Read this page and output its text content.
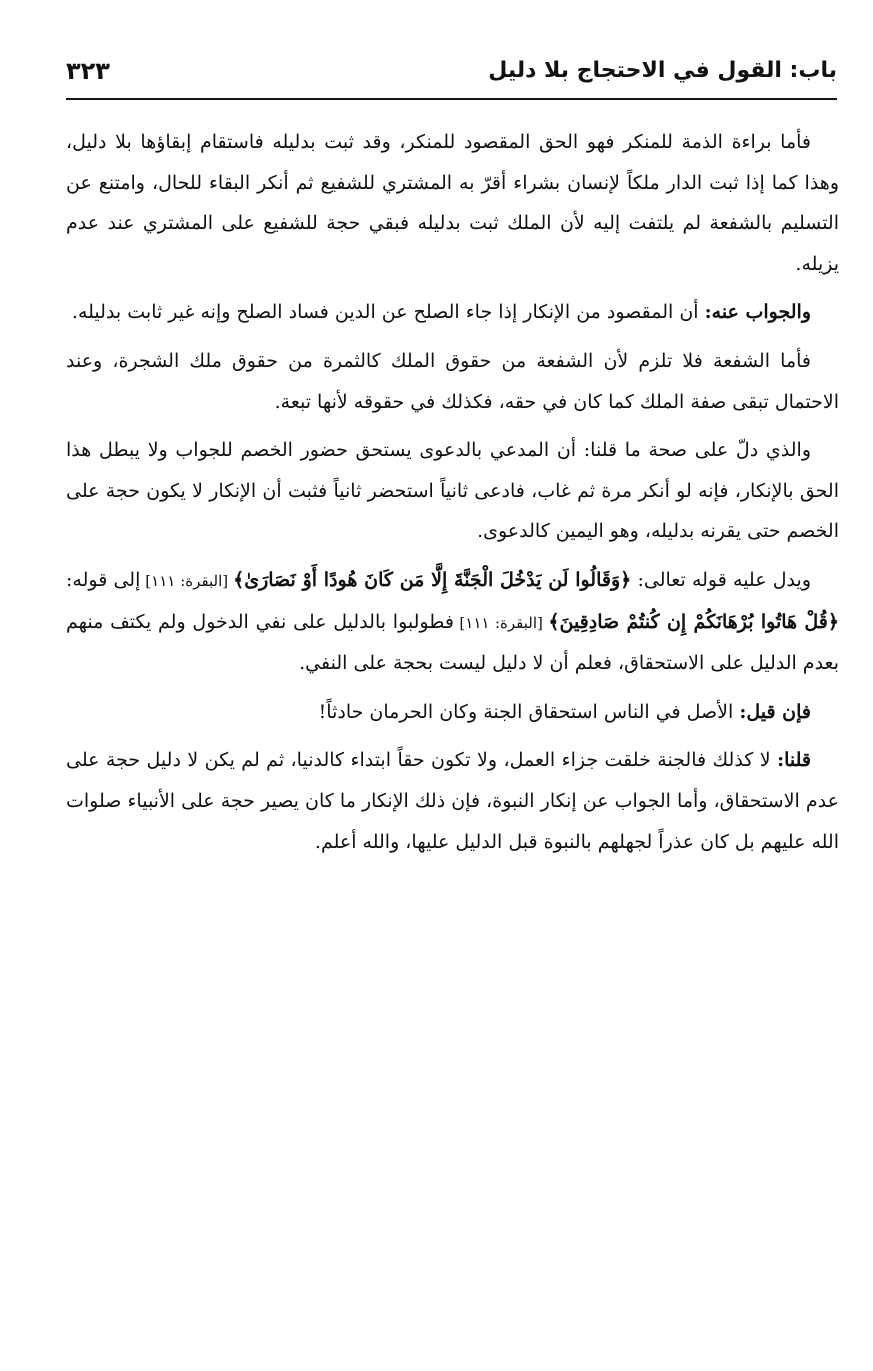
باب: القول في الاحتجاج بلا دليل
٣٢٣

فأما براءة الذمة للمنكر فهو الحق المقصود للمنكر، وقد ثبت بدليله فاستقام إبقاؤها بلا دليل، وهذا كما إذا ثبت الدار ملكاً لإنسان بشراء أقرّ به المشتري للشفيع ثم أنكر البقاء للحال، وامتنع عن التسليم بالشفعة لم يلتفت إليه لأن الملك ثبت بدليله فبقي حجة للشفيع على المشتري عند عدم يزيله.

والجواب عنه: أن المقصود من الإنكار إذا جاء الصلح عن الدين فساد الصلح وإنه غير ثابت بدليله.

فأما الشفعة فلا تلزم لأن الشفعة من حقوق الملك كالثمرة من حقوق ملك الشجرة، وعند الاحتمال تبقى صفة الملك كما كان في حقه، فكذلك في حقوقه لأنها تبعة.

والذي دلّ على صحة ما قلنا: أن المدعي بالدعوى يستحق حضور الخصم للجواب ولا يبطل هذا الحق بالإنكار، فإنه لو أنكر مرة ثم غاب، فادعى ثانياً استحضر ثانياً فثبت أن الإنكار لا يكون حجة على الخصم حتى يقرنه بدليله، وهو اليمين كالدعوى.

ويدل عليه قوله تعالى: ﴿وَقَالُوا لَن يَدْخُلَ الْجَنَّةَ إِلَّا مَن كَانَ هُودًا أَوْ نَصَارَىٰ﴾ [البقرة: ١١١] إلى قوله: ﴿قُلْ هَاتُوا بُرْهَانَكُمْ إِن كُنتُمْ صَادِقِينَ﴾ [البقرة: ١١١] فطولبوا بالدليل على نفي الدخول ولم يكتف منهم بعدم الدليل على الاستحقاق، فعلم أن لا دليل ليست بحجة على النفي.

فإن قيل: الأصل في الناس استحقاق الجنة وكان الحرمان حادثاً!

قلنا: لا كذلك فالجنة خلقت جزاء العمل، ولا تكون حقاً ابتداء كالدنيا، ثم لم يكن لا دليل حجة على عدم الاستحقاق، وأما الجواب عن إنكار النبوة، فإن ذلك الإنكار ما كان يصير حجة على الأنبياء صلوات الله عليهم بل كان عذراً لجهلهم بالنبوة قبل الدليل عليها، والله أعلم.
